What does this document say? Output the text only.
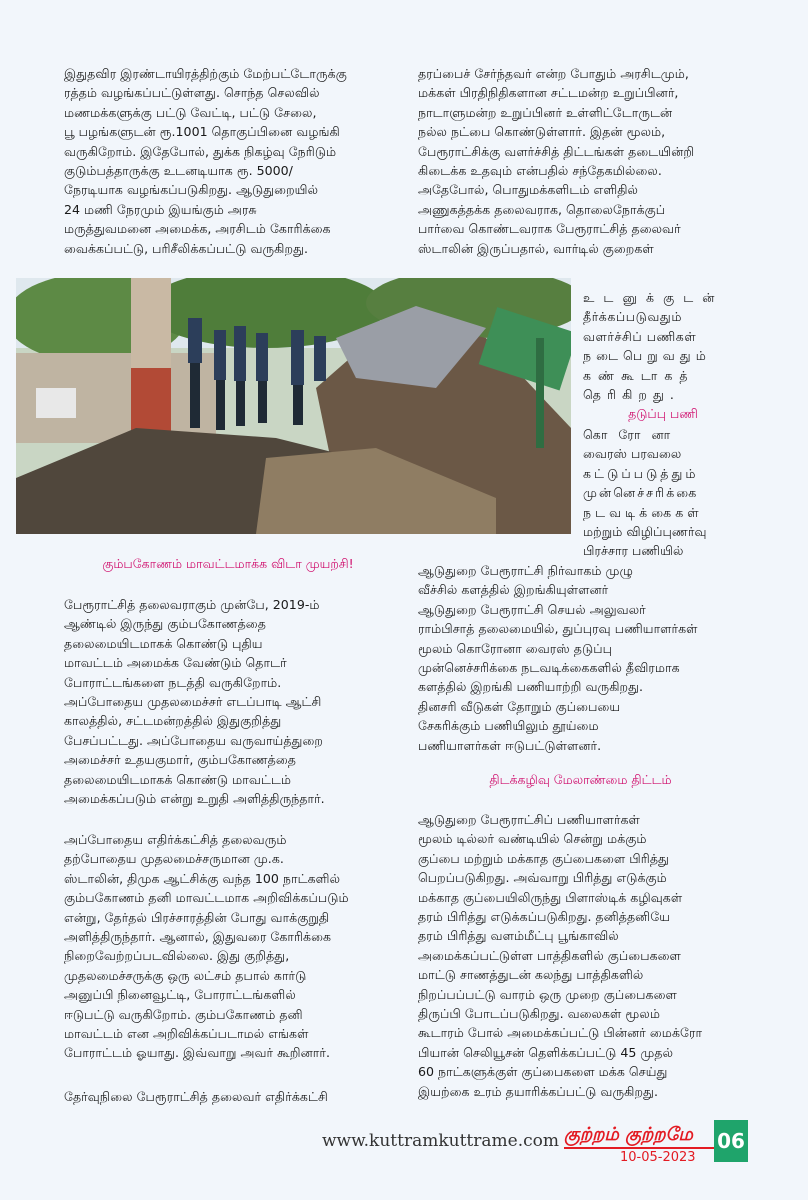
இதுதவிர இரண்டாயிரத்திற்கும் மேற்பட்டோருக்கு
ரத்தம் வழங்கப்பட்டுள்ளது. சொந்த செலவில்
மணமக்களுக்கு பட்டு வேட்டி, பட்டு சேலை,
பூ பழங்களுடன் ரூ.1001 தொகுப்பினை வழங்கி
வருகிறோம். இதேபோல், துக்க நிகழ்வு நேரிடும்
குடும்பத்தாருக்கு உடனடியாக ரூ. 5000/
நேரடியாக வழங்கப்படுகிறது. ஆடுதுறையில்
24 மணி நேரமும் இயங்கும் அரசு
மருத்துவமனை அமைக்க, அரசிடம் கோரிக்கை
வைக்கப்பட்டு, பரிசீலிக்கப்பட்டு வருகிறது.
தரப்பைச் சேர்ந்தவர் என்ற போதும் அரசிடமும்,
மக்கள் பிரதிநிதிகளான சட்டமன்ற உறுப்பினர்,
நாடாளுமன்ற உறுப்பினர் உள்ளிட்டோருடன்
நல்ல நட்பை கொண்டுள்ளார். இதன் மூலம்,
பேரூராட்சிக்கு வளர்ச்சித் திட்டங்கள் தடையின்றி
கிடைக்க உதவும் என்பதில் சந்தேகமில்லை.
அதேபோல், பொதுமக்களிடம் எளிதில்
அணுகத்தக்க தலைவராக, தொலைநோக்குப்
பார்வை கொண்டவராக பேரூராட்சித் தலைவர்
ஸ்டாலின் இருப்பதால், வார்டில் குறைகள்
உடனுக்குடன்
தீர்க்கப்படுவதும்
வளர்ச்சிப் பணிகள்
நடைபெறுவதும்
கண்கூடாகத்
தெரிகிறது.
தடுப்பு பணி
கொரோனா
வைரஸ் பரவலை
கட்டுப்படுத்தும்
முன்னெச்சரிக்கை
நடவடிக்கைகள்
மற்றும் விழிப்புணர்வு
பிரச்சார பணியில்
ஆடுதுறை பேரூராட்சி நிர்வாகம் முழு
வீச்சில் களத்தில் இறங்கியுள்ளனர்
ஆடுதுறை பேரூராட்சி செயல் அலுவலர்
ராம்பிசாத் தலைமையில், துப்புரவு பணியாளர்கள்
மூலம் கொரோனா வைரஸ் தடுப்பு
முன்னெச்சரிக்கை நடவடிக்கைகளில் தீவிரமாக
களத்தில் இறங்கி பணியாற்றி வருகிறது.
தினசரி வீடுகள் தோறும் குப்பையை
சேகரிக்கும் பணியிலும் தூய்மை
பணியாளர்கள் ஈடுபட்டுள்ளனர்.
திடக்கழிவு மேலாண்மை திட்டம்
ஆடுதுறை பேரூராட்சிப் பணியாளர்கள்
மூலம் டில்லர் வண்டியில் சென்று மக்கும்
குப்பை மற்றும் மக்காத குப்பைகளை பிரித்து
பெறப்படுகிறது. அவ்வாறு பிரித்து எடுக்கும்
மக்காத குப்பையிலிருந்து பிளாஸ்டிக் கழிவுகள்
தரம் பிரித்து எடுக்கப்படுகிறது. தனித்தனியே
தரம் பிரித்து வளம்மீட்பு பூங்காவில்
அமைக்கப்பட்டுள்ள பாத்திகளில் குப்பைகளை
மாட்டு சாணத்துடன் கலந்து பாத்திகளில்
நிறப்பப்பட்டு வாரம் ஒரு முறை குப்பைகளை
திருப்பி போடப்படுகிறது. வலைகள் மூலம்
கூடாரம் போல் அமைக்கப்பட்டு பின்னர் மைக்ரோ
பியான் செலியூசன் தெளிக்கப்பட்டு 45 முதல்
60 நாட்களுக்குள் குப்பைகளை மக்க செய்து
இயற்கை உரம் தயாரிக்கப்பட்டு வருகிறது.
கும்பகோணம் மாவட்டமாக்க விடா முயற்சி!
பேரூராட்சித் தலைவராகும் முன்பே, 2019-ம்
ஆண்டில் இருந்து கும்பகோணத்தை
தலைமையிடமாகக் கொண்டு புதிய
மாவட்டம் அமைக்க வேண்டும் தொடர்
போராட்டங்களை நடத்தி வருகிறோம்.
அப்போதைய முதலமைச்சர் எடப்பாடி ஆட்சி
காலத்தில், சட்டமன்றத்தில் இதுகுறித்து
பேசப்பட்டது. அப்போதைய வருவாய்த்துறை
அமைச்சர் உதயகுமார், கும்பகோணத்தை
தலைமையிடமாகக் கொண்டு மாவட்டம்
அமைக்கப்படும் என்று உறுதி அளித்திருந்தார்.
அப்போதைய எதிர்க்கட்சித் தலைவரும்
தற்போதைய முதலமைச்சருமான மு.க.
ஸ்டாலின், திமுக ஆட்சிக்கு வந்த 100 நாட்களில்
கும்பகோணம் தனி மாவட்டமாக அறிவிக்கப்படும்
என்று, தேர்தல் பிரச்சாரத்தின் போது வாக்குறுதி
அளித்திருந்தார். ஆனால், இதுவரை கோரிக்கை
நிறைவேற்றப்படவில்லை. இது குறித்து,
முதலமைச்சருக்கு ஒரு லட்சம் தபால் கார்டு
அனுப்பி நினைவூட்டி, போராட்டங்களில்
ஈடுபட்டு வருகிறோம். கும்பகோணம் தனி
மாவட்டம் என அறிவிக்கப்படாமல் எங்கள்
போராட்டம் ஓயாது. இவ்வாறு அவர் கூறினார்.
தேர்வுநிலை பேரூராட்சித் தலைவர் எதிர்க்கட்சி
www.kuttramkuttrame.com குற்றம் குற்றமே
10-05-2023
06
